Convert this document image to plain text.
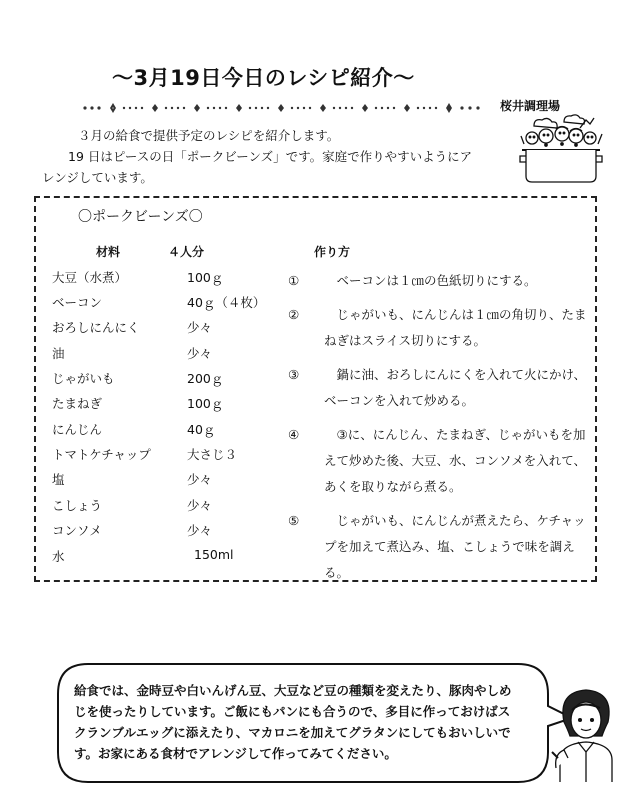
～3月19日今日のレシピ紹介～
桜井調理場

３月の給食で提供予定のレシピを紹介します。

19 日はピースの日「ポークビーンズ」です。家庭で作りやすいようにア

レンジしています。

〇ポークビーンズ〇
材料	４人分
大豆（水煮）	100ｇ
ベーコン	40ｇ（４枚）
おろしにんにく	少々
油	少々
じゃがいも	200ｇ
たまねぎ	100ｇ
にんじん	40ｇ
トマトケチャップ	大さじ３
塩	少々
こしょう	少々
コンソメ	少々
水	150ml
作り方
①	ベーコンは１㎝の色紙切りにする。
②	じゃがいも、にんじんは１㎝の角切り、たまねぎはスライス切りにする。
③	鍋に油、おろしにんにくを入れて火にかけ、ベーコンを入れて炒める。
④	③に、にんじん、たまねぎ、じゃがいもを加えて炒めた後、大豆、水、コンソメを入れて、あくを取りながら煮る。
⑤	じゃがいも、にんじんが煮えたら、ケチャップを加えて煮込み、塩、こしょうで味を調える。

給食では、金時豆や白いんげん豆、大豆など豆の種類を変えたり、豚肉やしめじを使ったりしています。ご飯にもパンにも合うので、多目に作っておけばスクランブルエッグに添えたり、マカロニを加えてグラタンにしてもおいしいです。お家にある食材でアレンジして作ってみてください。
